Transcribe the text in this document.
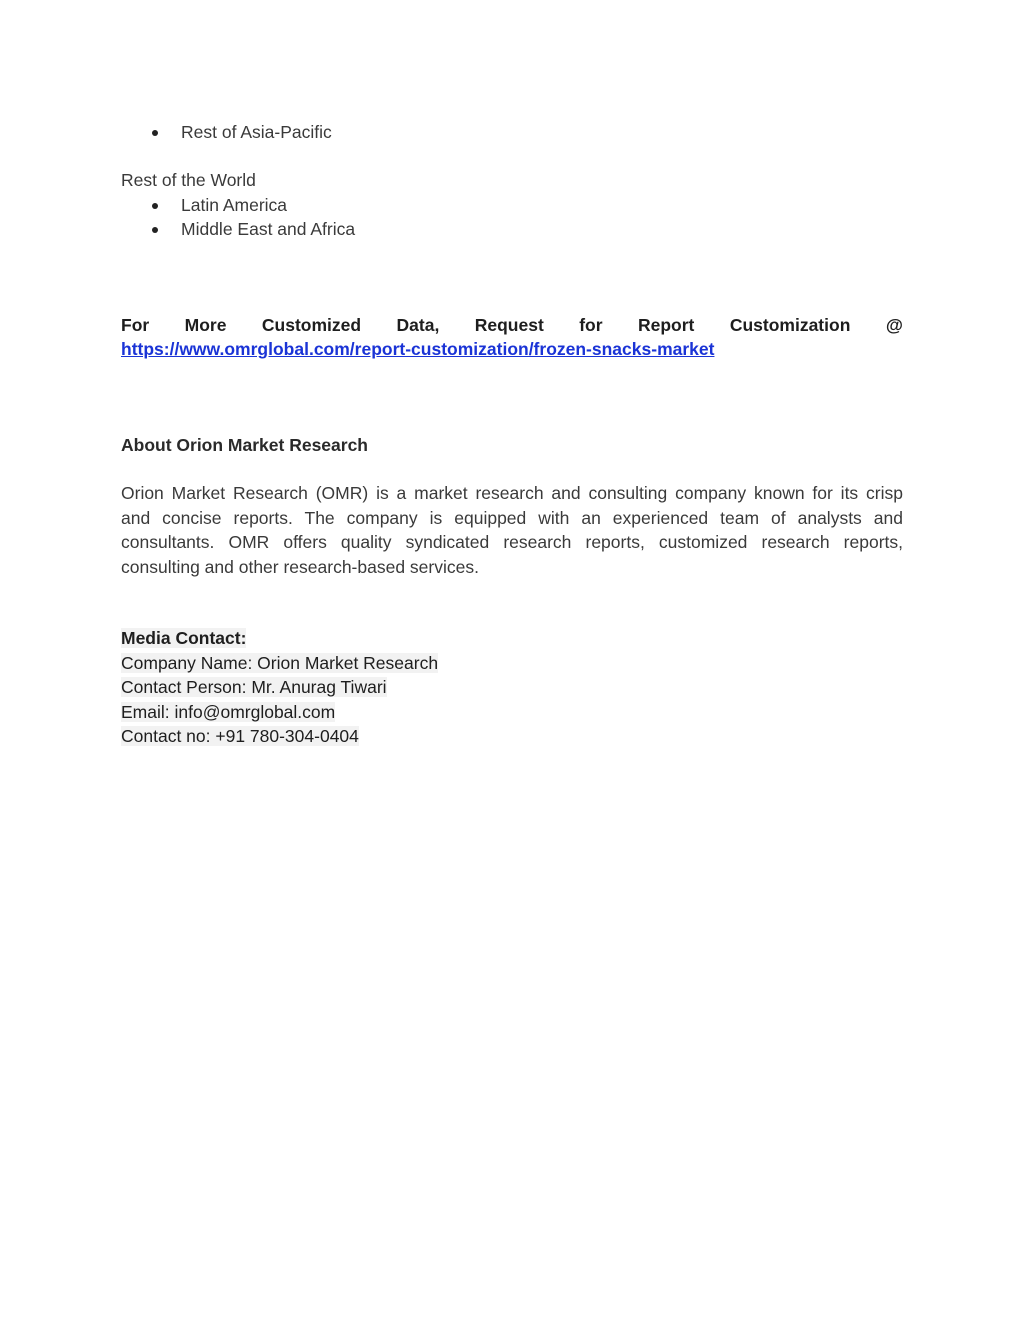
Rest of Asia-Pacific
Rest of the World
Latin America
Middle East and Africa
For More Customized Data, Request for Report Customization @
https://www.omrglobal.com/report-customization/frozen-snacks-market
About Orion Market Research
Orion Market Research (OMR) is a market research and consulting company known for its crisp
and concise reports. The company is equipped with an experienced team of analysts and
consultants. OMR offers quality syndicated research reports, customized research reports,
consulting and other research-based services.
Media Contact:
Company Name: Orion Market Research
Contact Person: Mr. Anurag Tiwari
Email: info@omrglobal.com
Contact no: +91 780-304-0404
